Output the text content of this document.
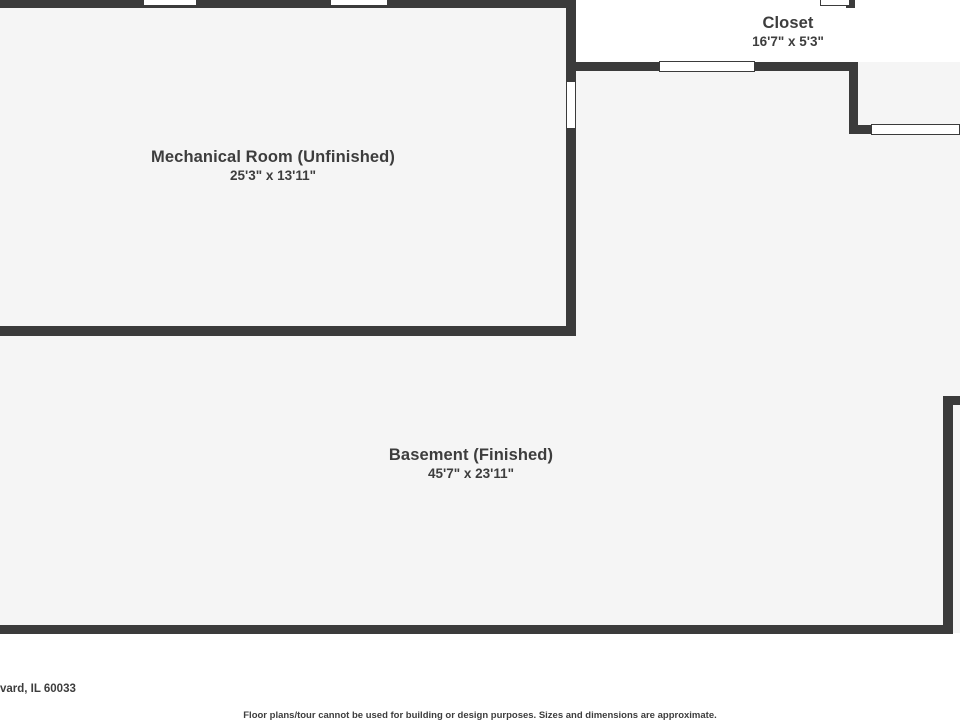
Mechanical Room (Unfinished)
25'3" x 13'11"
Closet
16'7" x 5'3"
Basement (Finished)
45'7" x 23'11"
vard, IL 60033
Floor plans/tour cannot be used for building or design purposes. Sizes and dimensions are approximate.
